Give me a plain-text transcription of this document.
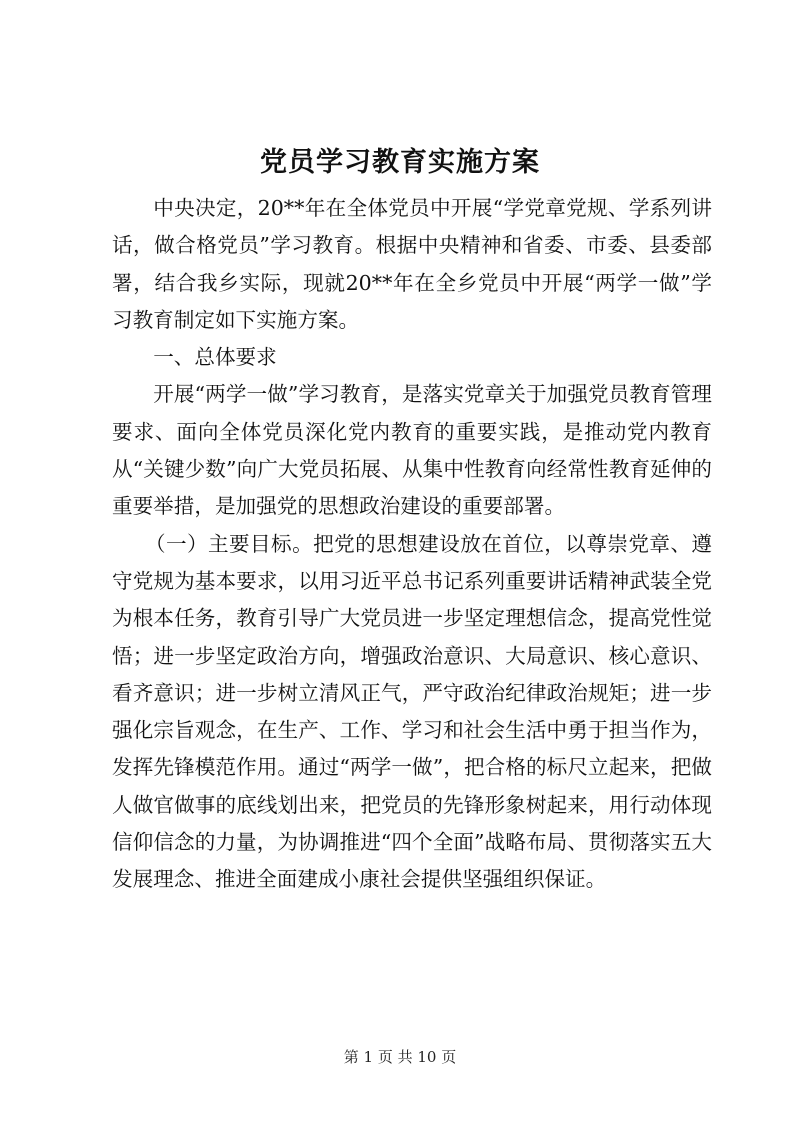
党员学习教育实施方案

中央决定，20**年在全体党员中开展“学党章党规、学系列讲话，做合格党员”学习教育。根据中央精神和省委、市委、县委部署，结合我乡实际，现就20**年在全乡党员中开展“两学一做”学习教育制定如下实施方案。

一、总体要求

开展“两学一做”学习教育，是落实党章关于加强党员教育管理要求、面向全体党员深化党内教育的重要实践，是推动党内教育从“关键少数”向广大党员拓展、从集中性教育向经常性教育延伸的重要举措，是加强党的思想政治建设的重要部署。

（一）主要目标。把党的思想建设放在首位，以尊崇党章、遵守党规为基本要求，以用习近平总书记系列重要讲话精神武装全党为根本任务，教育引导广大党员进一步坚定理想信念，提高党性觉悟；进一步坚定政治方向，增强政治意识、大局意识、核心意识、看齐意识；进一步树立清风正气，严守政治纪律政治规矩；进一步强化宗旨观念，在生产、工作、学习和社会生活中勇于担当作为，发挥先锋模范作用。通过“两学一做”，把合格的标尺立起来，把做人做官做事的底线划出来，把党员的先锋形象树起来，用行动体现信仰信念的力量，为协调推进“四个全面”战略布局、贯彻落实五大发展理念、推进全面建成小康社会提供坚强组织保证。

第 1 页 共 10 页
